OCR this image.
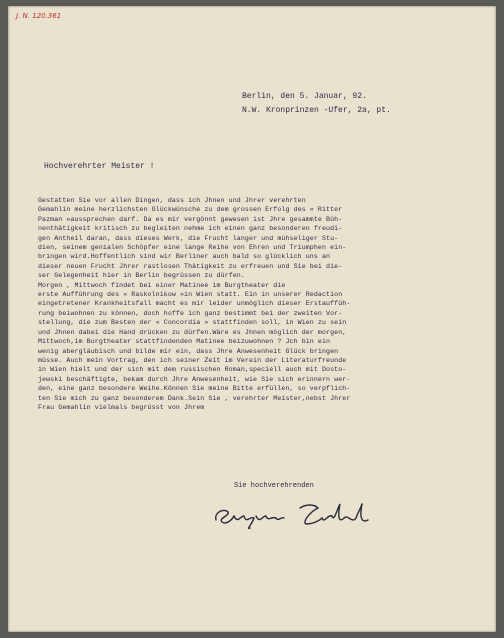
J. N. 120.361
Berlin, den 5. Januar, 92.
N.W. Kronprinzen -Ufer, 2a, pt.
Hochverehrter Meister !
Gestatten Sie vor allen Dingen, dass ich Jhnen und Jhrer verehrten
Gemahlin meine herzlichsten Glückwünsche zu dem grossen Erfolg des « Ritter
Pazman »aussprechen darf. Da es mir vergönnt gewesen ist Jhre gesammte Büh-
nenthätigkeit kritisch zu begleiten nehme ich einen ganz besonderen freudi-
gen Antheil daran, dass dieses Werk, die Frucht langer und mühseliger Stu-
dien, seinem genialen Schöpfer eine lange Reihe von Ehren und Triumphen ein-
bringen wird.Hoffentlich sind wir Berliner auch bald so glücklich uns an
dieser neuen Frucht Jhrer rastlosen Thätigkeit zu erfreuen und Sie bei die-
ser Gelegenheit hier in Berlin begrüssen zu dürfen.
Morgen , Mittwoch findet bei einer Matinee im Burgtheater die
erste Aufführung des « Raskolnikow »in Wien statt. Ein in unserer Redaction
eingetretener Krankheitsfall macht es mir leider unmöglich dieser Erstauffüh-
rung beiwohnen zu können, doch hoffe ich ganz bestimmt bei der zweiten Vor-
stellung, die zum Besten der « Concordia » stattfinden soll, in Wien zu sein
und Jhnen dabei die Hand drücken zu dürfen.Wäre es Jhnen möglich der morgen,
Mittwoch,im Burgtheater stattfindenden Matinee beizuwohnen ? Jch bin ein
wenig abergläubisch und bilde mir ein, dass Jhre Anwesenheit Glück bringen
müsse. Auch mein Vortrag, den ich seiner Zeit im Verein der Literaturfreunde
in Wien hielt und der sich mit dem russischen Roman,speciell auch mit Dosto-
jewski beschäftigte, bekam durch Jhre Anwesenheit, wie Sie sich erinnern wer-
den, eine ganz besondere Weihe.Können Sie meine Bitte erfüllen, so verpflich-
ten Sie mich zu ganz besonderem Dank.Sein Sie , verehrter Meister,nebst Jhrer
Frau Gemahlin vielmals begrüsst von Jhrem
Sie hochverehrenden
